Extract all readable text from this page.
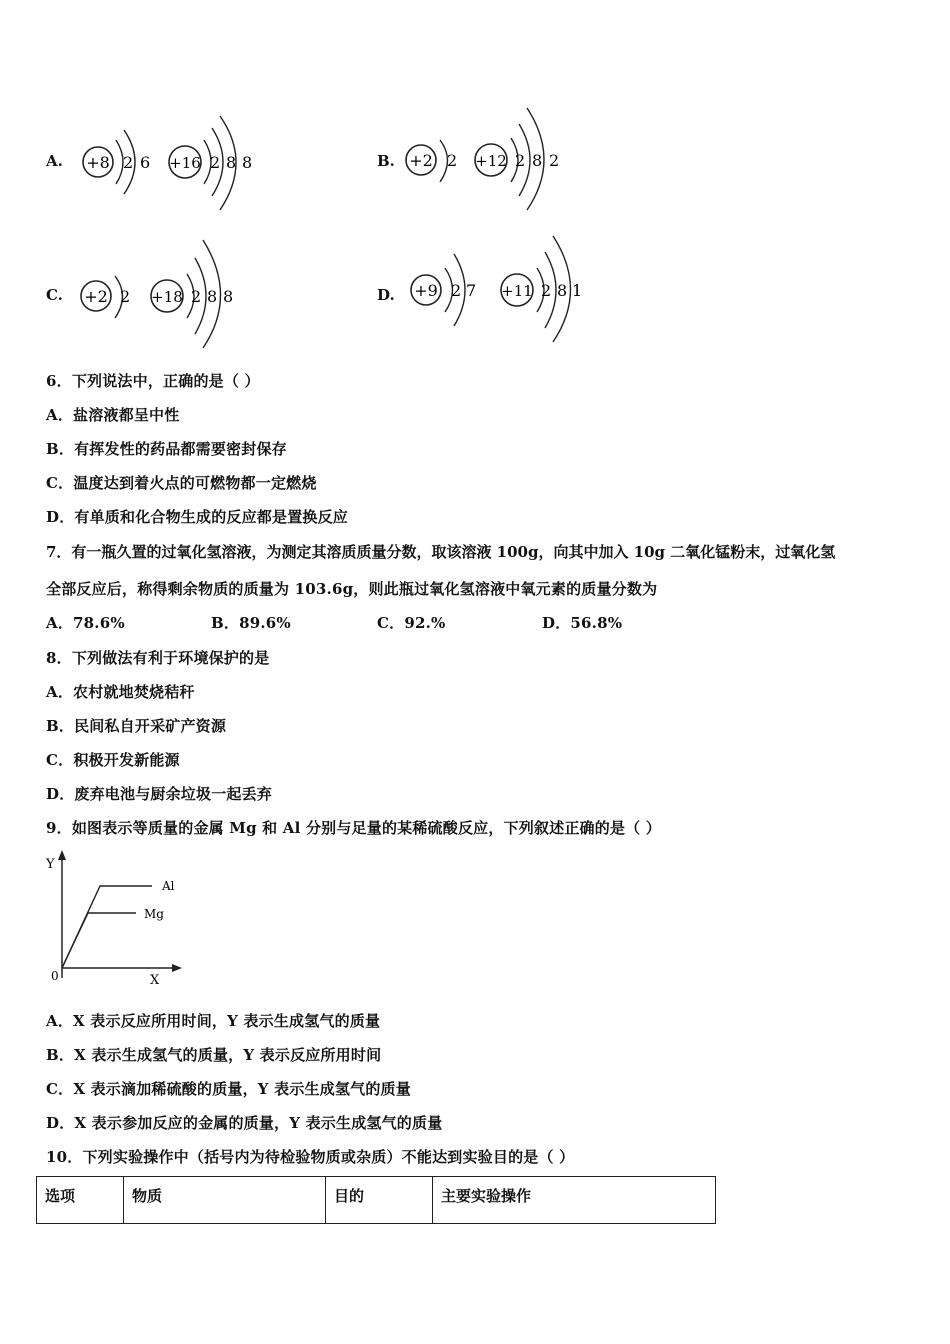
A. +8 2 6 +16 2 8 8	B. +2 2 +12 2 8 2
C. +2 2 +18 2 8 8	D. +9 2 7 +11 2 8 1
6．下列说法中，正确的是（ ）
A．盐溶液都呈中性
B．有挥发性的药品都需要密封保存
C．温度达到着火点的可燃物都一定燃烧
D．有单质和化合物生成的反应都是置换反应
7．有一瓶久置的过氧化氢溶液，为测定其溶质质量分数，取该溶液 100g，向其中加入 10g 二氧化锰粉末，过氧化氢
全部反应后，称得剩余物质的质量为 103.6g，则此瓶过氧化氢溶液中氧元素的质量分数为
A．78.6%	B．89.6%	C．92.%	D．56.8%
8．下列做法有利于环境保护的是
A．农村就地焚烧秸秆
B．民间私自开采矿产资源
C．积极开发新能源
D．废弃电池与厨余垃圾一起丢弃
9．如图表示等质量的金属 Mg 和 Al 分别与足量的某稀硫酸反应，下列叙述正确的是（ ）
Y
X
0
Al
Mg
A．X 表示反应所用时间，Y 表示生成氢气的质量
B．X 表示生成氢气的质量，Y 表示反应所用时间
C．X 表示滴加稀硫酸的质量，Y 表示生成氢气的质量
D．X 表示参加反应的金属的质量，Y 表示生成氢气的质量
10．下列实验操作中（括号内为待检验物质或杂质）不能达到实验目的是（ ）
选项	物质	目的	主要实验操作
